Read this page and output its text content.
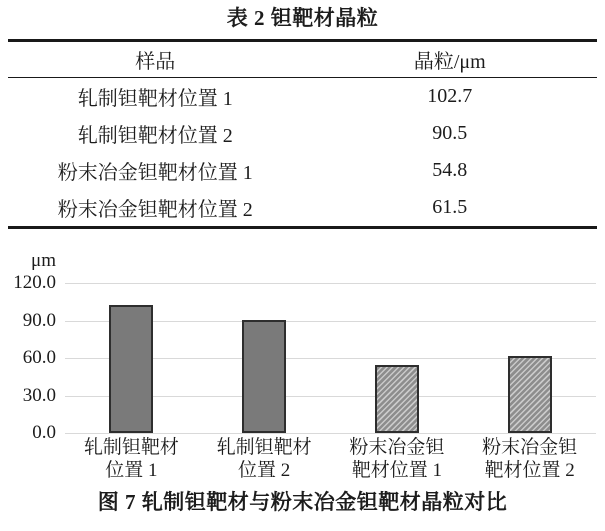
表 2 钽靶材晶粒
样品	晶粒/μm
轧制钽靶材位置 1	102.7
轧制钽靶材位置 2	90.5
粉末冶金钽靶材位置 1	54.8
粉末冶金钽靶材位置 2	61.5
μm
120.0
90.0
60.0
30.0
0.0
轧制钽靶材
位置 1
轧制钽靶材
位置 2
粉末冶金钽
靶材位置 1
粉末冶金钽
靶材位置 2
图 7 轧制钽靶材与粉末冶金钽靶材晶粒对比
